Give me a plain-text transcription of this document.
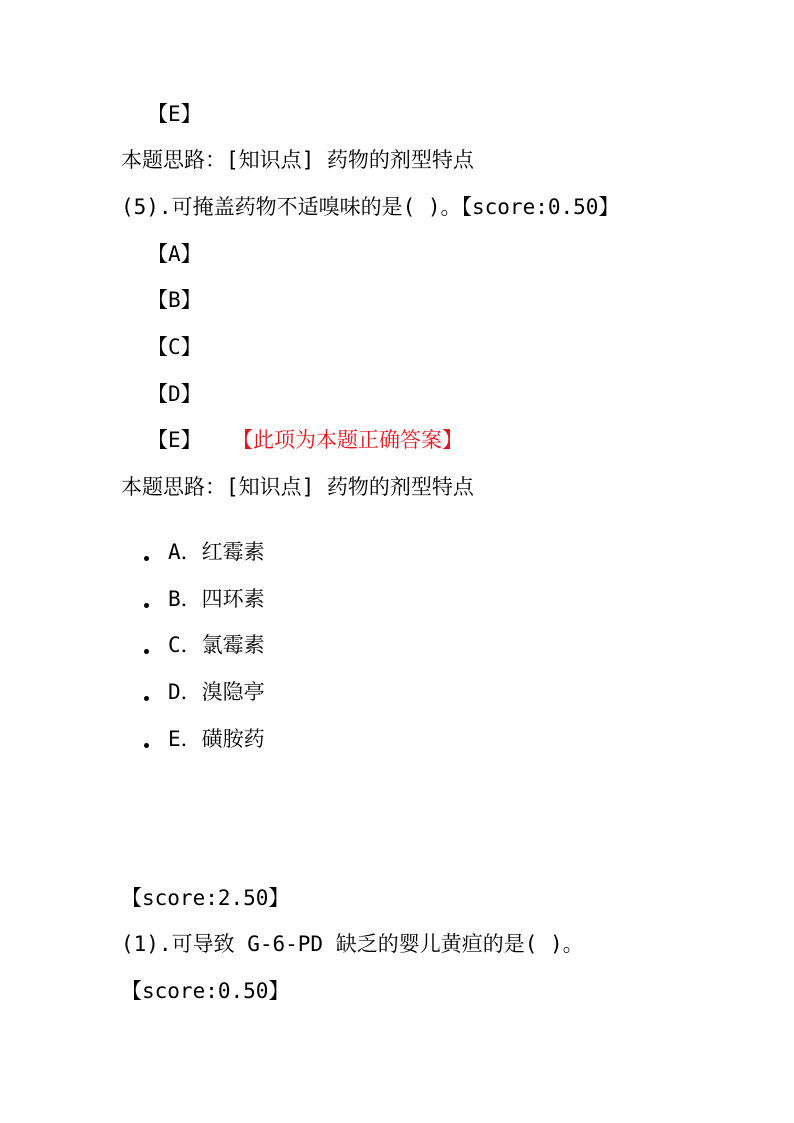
【E】
本题思路：[知识点] 药物的剂型特点
(5).可掩盖药物不适嗅味的是( )。【score:0.50】
【A】
【B】
【C】
【D】
【E】 【此项为本题正确答案】
本题思路：[知识点] 药物的剂型特点
A．红霉素
B．四环素
C．氯霉素
D．溴隐亭
E．磺胺药
【score:2.50】
(1).可导致 G-6-PD 缺乏的婴儿黄疸的是( )。
【score:0.50】
